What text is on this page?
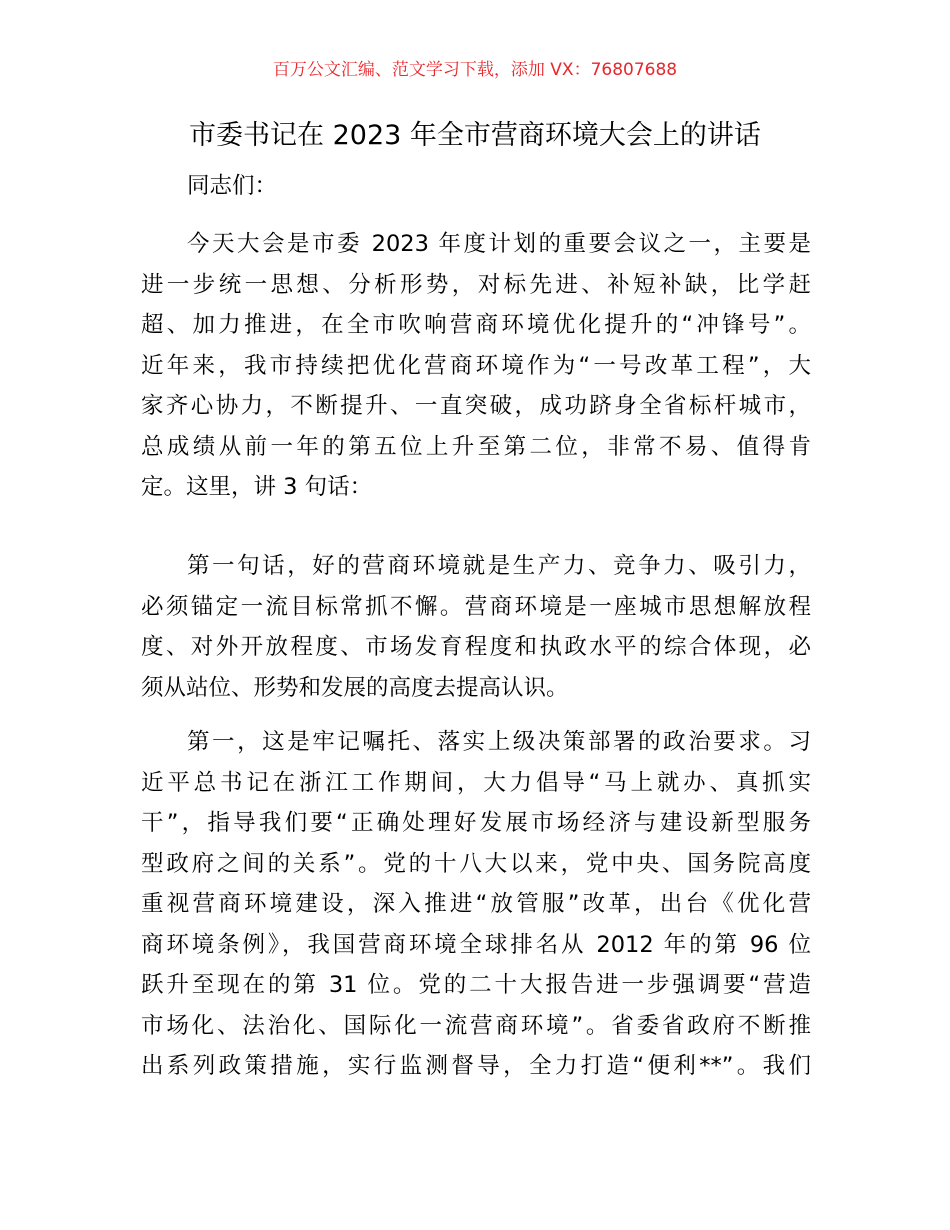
百万公文汇编、范文学习下载，添加 VX：76807688
市委书记在 2023 年全市营商环境大会上的讲话
同志们：
今天大会是市委 2023 年度计划的重要会议之一，主要是
进一步统一思想、分析形势，对标先进、补短补缺，比学赶
超、加力推进，在全市吹响营商环境优化提升的“冲锋号”。
近年来，我市持续把优化营商环境作为“一号改革工程”，大
家齐心协力，不断提升、一直突破，成功跻身全省标杆城市，
总成绩从前一年的第五位上升至第二位，非常不易、值得肯
定。这里，讲 3 句话：
第一句话，好的营商环境就是生产力、竞争力、吸引力，
必须锚定一流目标常抓不懈。营商环境是一座城市思想解放程
度、对外开放程度、市场发育程度和执政水平的综合体现，必
须从站位、形势和发展的高度去提高认识。
第一，这是牢记嘱托、落实上级决策部署的政治要求。习
近平总书记在浙江工作期间，大力倡导“马上就办、真抓实
干”，指导我们要“正确处理好发展市场经济与建设新型服务
型政府之间的关系”。党的十八大以来，党中央、国务院高度
重视营商环境建设，深入推进“放管服”改革，出台《优化营
商环境条例》，我国营商环境全球排名从 2012 年的第 96 位
跃升至现在的第 31 位。党的二十大报告进一步强调要“营造
市场化、法治化、国际化一流营商环境”。省委省政府不断推
出系列政策措施，实行监测督导，全力打造“便利**”。我们
